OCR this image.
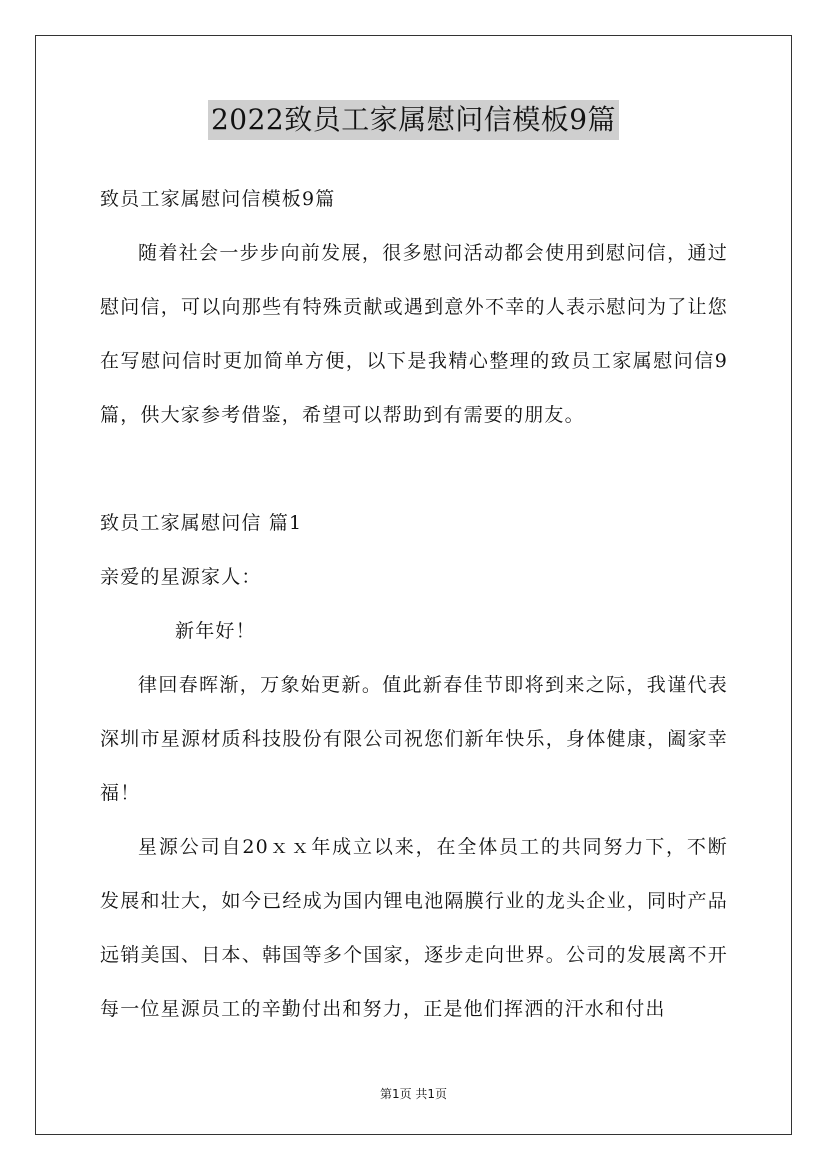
2022致员工家属慰问信模板9篇

致员工家属慰问信模板9篇

随着社会一步步向前发展，很多慰问活动都会使用到慰问信，通过慰问信，可以向那些有特殊贡献或遇到意外不幸的人表示慰问为了让您在写慰问信时更加简单方便，以下是我精心整理的致员工家属慰问信9篇，供大家参考借鉴，希望可以帮助到有需要的朋友。

致员工家属慰问信 篇1

亲爱的星源家人：

新年好！

律回春晖渐，万象始更新。值此新春佳节即将到来之际，我谨代表深圳市星源材质科技股份有限公司祝您们新年快乐，身体健康，阖家幸福！

星源公司自20ｘｘ年成立以来，在全体员工的共同努力下，不断发展和壮大，如今已经成为国内锂电池隔膜行业的龙头企业，同时产品远销美国、日本、韩国等多个国家，逐步走向世界。公司的发展离不开每一位星源员工的辛勤付出和努力，正是他们挥洒的汗水和付出

第1页 共1页
